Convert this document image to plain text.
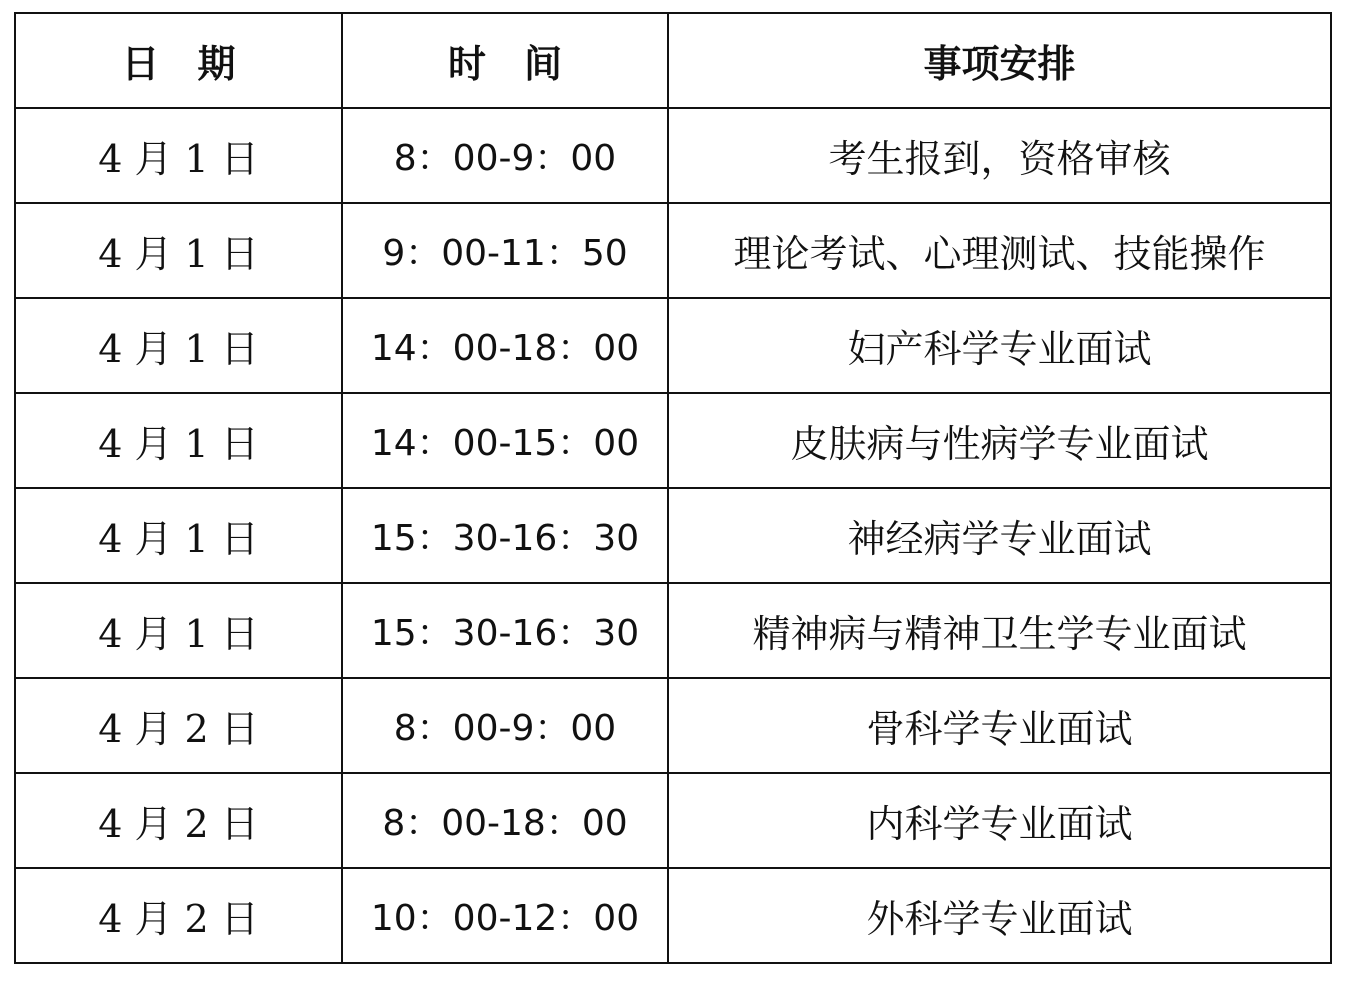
日　期	时　间	事项安排
4 月 1 日	8：00-9：00	考生报到，资格审核
4 月 1 日	9：00-11：50	理论考试、心理测试、技能操作
4 月 1 日	14：00-18：00	妇产科学专业面试
4 月 1 日	14：00-15：00	皮肤病与性病学专业面试
4 月 1 日	15：30-16：30	神经病学专业面试
4 月 1 日	15：30-16：30	精神病与精神卫生学专业面试
4 月 2 日	8：00-9：00	骨科学专业面试
4 月 2 日	8：00-18：00	内科学专业面试
4 月 2 日	10：00-12：00	外科学专业面试
